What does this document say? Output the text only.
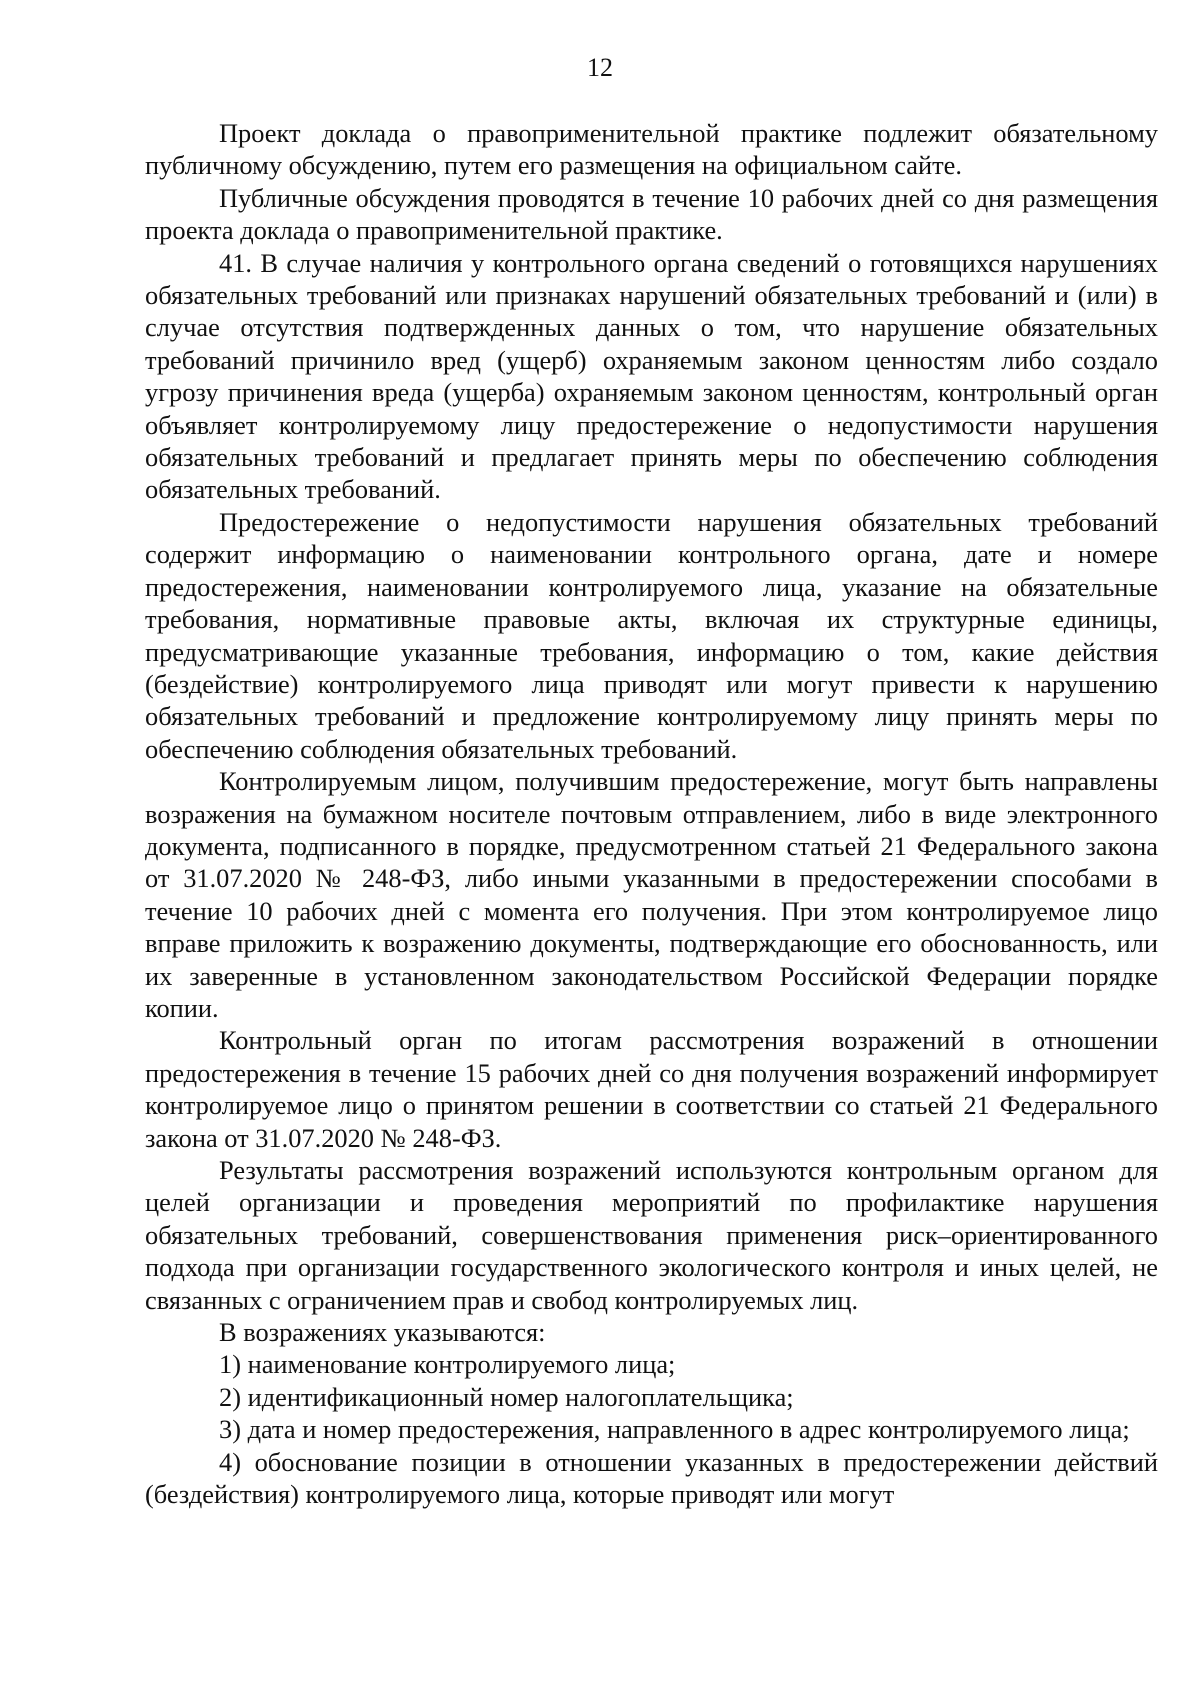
12

Проект доклада о правоприменительной практике подлежит обязательному публичному обсуждению, путем его размещения на официальном сайте.

Публичные обсуждения проводятся в течение 10 рабочих дней со дня размещения проекта доклада о правоприменительной практике.

41. В случае наличия у контрольного органа сведений о готовящихся нарушениях обязательных требований или признаках нарушений обязательных требований и (или) в случае отсутствия подтвержденных данных о том, что нарушение обязательных требований причинило вред (ущерб) охраняемым законом ценностям либо создало угрозу причинения вреда (ущерба) охраняемым законом ценностям, контрольный орган объявляет контролируемому лицу предостережение о недопустимости нарушения обязательных требований и предлагает принять меры по обеспечению соблюдения обязательных требований.

Предостережение о недопустимости нарушения обязательных требований содержит информацию о наименовании контрольного органа, дате и номере предостережения, наименовании контролируемого лица, указание на обязательные требования, нормативные правовые акты, включая их структурные единицы, предусматривающие указанные требования, информацию о том, какие действия (бездействие) контролируемого лица приводят или могут привести к нарушению обязательных требований и предложение контролируемому лицу принять меры по обеспечению соблюдения обязательных требований.

Контролируемым лицом, получившим предостережение, могут быть направлены возражения на бумажном носителе почтовым отправлением, либо в виде электронного документа, подписанного в порядке, предусмотренном статьей 21 Федерального закона от 31.07.2020 № 248-ФЗ, либо иными указанными в предостережении способами в течение 10 рабочих дней с момента его получения. При этом контролируемое лицо вправе приложить к возражению документы, подтверждающие его обоснованность, или их заверенные в установленном законодательством Российской Федерации порядке копии.

Контрольный орган по итогам рассмотрения возражений в отношении предостережения в течение 15 рабочих дней со дня получения возражений информирует контролируемое лицо о принятом решении в соответствии со статьей 21 Федерального закона от 31.07.2020 № 248-ФЗ.

Результаты рассмотрения возражений используются контрольным органом для целей организации и проведения мероприятий по профилактике нарушения обязательных требований, совершенствования применения риск–ориентированного подхода при организации государственного экологического контроля и иных целей, не связанных с ограничением прав и свобод контролируемых лиц.

В возражениях указываются:

1) наименование контролируемого лица;

2) идентификационный номер налогоплательщика;

3) дата и номер предостережения, направленного в адрес контролируемого лица;

4) обоснование позиции в отношении указанных в предостережении действий (бездействия) контролируемого лица, которые приводят или могут
